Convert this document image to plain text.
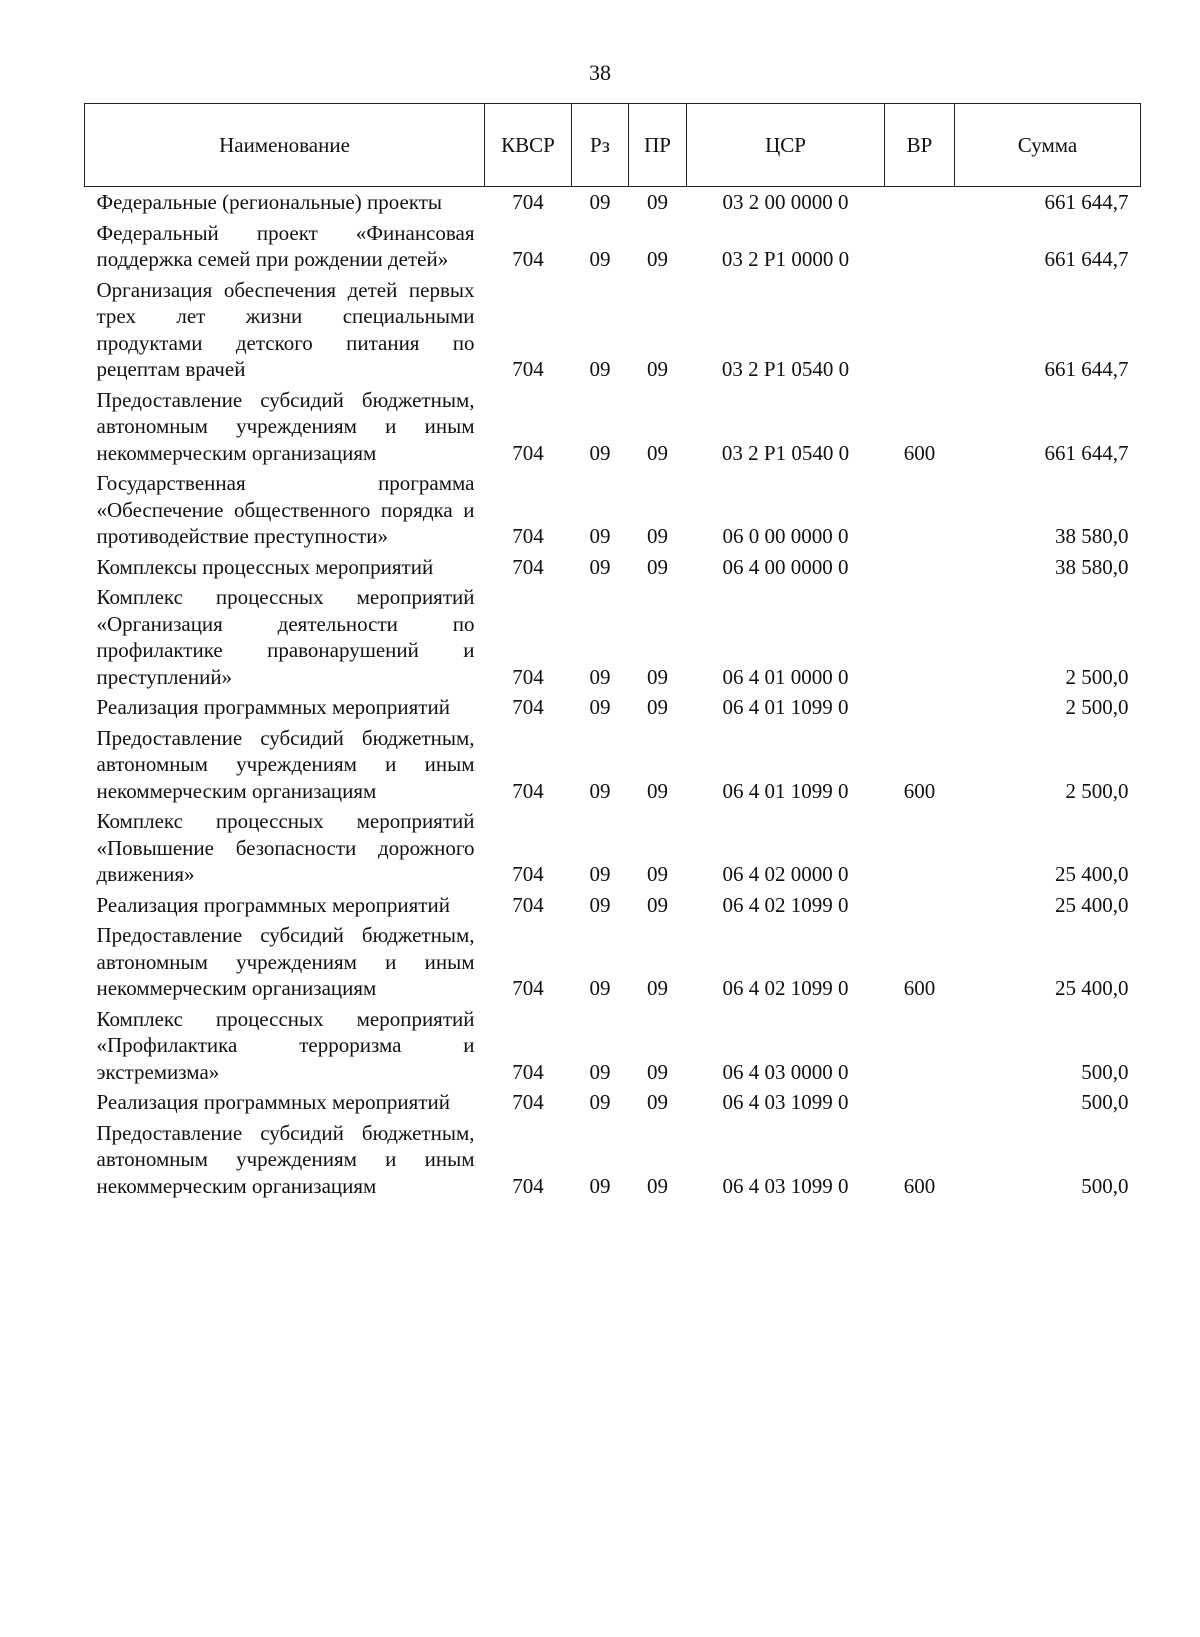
38
Наименование	КВСР	Рз	ПР	ЦСР	ВР	Сумма
Федеральные (региональные) проекты	704	09	09	03 2 00 0000 0		661 644,7
Федеральный проект «Финансовая поддержка семей при рождении детей»	704	09	09	03 2 Р1 0000 0		661 644,7
Организация обеспечения детей первых трех лет жизни специальными продуктами детского питания по рецептам врачей	704	09	09	03 2 Р1 0540 0		661 644,7
Предоставление субсидий бюджетным, автономным учреждениям и иным некоммерческим организациям	704	09	09	03 2 Р1 0540 0	600	661 644,7
Государственная программа «Обеспечение общественного порядка и противодействие преступности»	704	09	09	06 0 00 0000 0		38 580,0
Комплексы процессных мероприятий	704	09	09	06 4 00 0000 0		38 580,0
Комплекс процессных мероприятий «Организация деятельности по профилактике правонарушений и преступлений»	704	09	09	06 4 01 0000 0		2 500,0
Реализация программных мероприятий	704	09	09	06 4 01 1099 0		2 500,0
Предоставление субсидий бюджетным, автономным учреждениям и иным некоммерческим организациям	704	09	09	06 4 01 1099 0	600	2 500,0
Комплекс процессных мероприятий «Повышение безопасности дорожного движения»	704	09	09	06 4 02 0000 0		25 400,0
Реализация программных мероприятий	704	09	09	06 4 02 1099 0		25 400,0
Предоставление субсидий бюджетным, автономным учреждениям и иным некоммерческим организациям	704	09	09	06 4 02 1099 0	600	25 400,0
Комплекс процессных мероприятий «Профилактика терроризма и экстремизма»	704	09	09	06 4 03 0000 0		500,0
Реализация программных мероприятий	704	09	09	06 4 03 1099 0		500,0
Предоставление субсидий бюджетным, автономным учреждениям и иным некоммерческим организациям	704	09	09	06 4 03 1099 0	600	500,0
